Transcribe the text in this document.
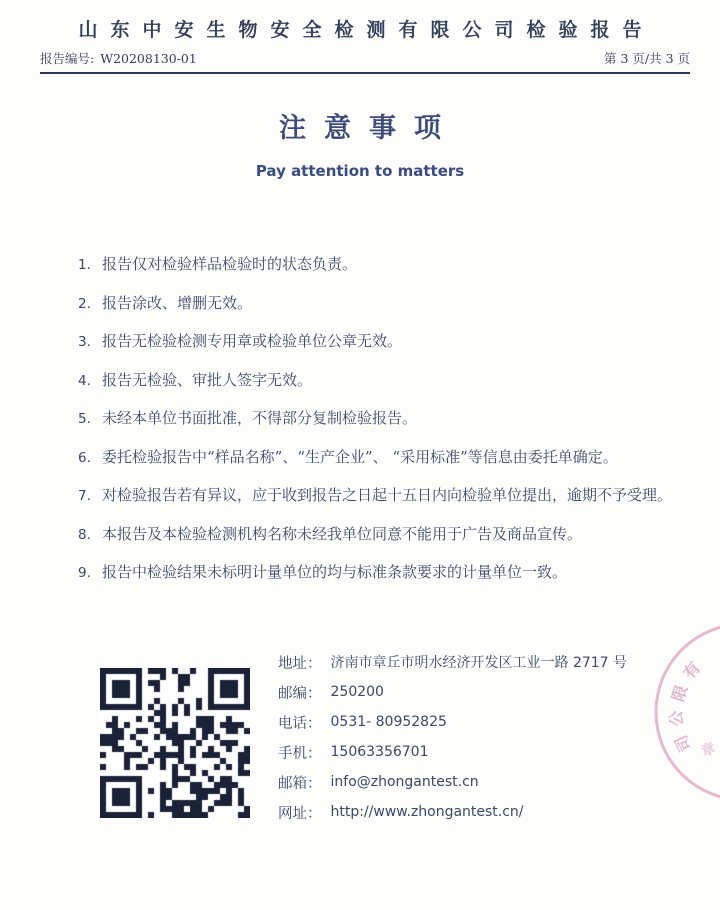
山东中安生物安全检测有限公司检验报告
报告编号: W20208130-01	第 3 页/共 3 页
注意事项
Pay attention to matters
1. 报告仅对检验样品检验时的状态负责。
2. 报告涂改、增删无效。
3. 报告无检验检测专用章或检验单位公章无效。
4. 报告无检验、审批人签字无效。
5. 未经本单位书面批准，不得部分复制检验报告。
6. 委托检验报告中“样品名称”、“生产企业”、 “采用标准”等信息由委托单确定。
7. 对检验报告若有异议，应于收到报告之日起十五日内向检验单位提出，逾期不予受理。
8. 本报告及本检验检测机构名称未经我单位同意不能用于广告及商品宣传。
9. 报告中检验结果未标明计量单位的均与标准条款要求的计量单位一致。
地址： 济南市章丘市明水经济开发区工业一路 2717 号
邮编： 250200
电话： 0531- 80952825
手机： 15063356701
邮箱： info@zhongantest.cn
网址： http://www.zhongantest.cn/
有
限
公
司 章
